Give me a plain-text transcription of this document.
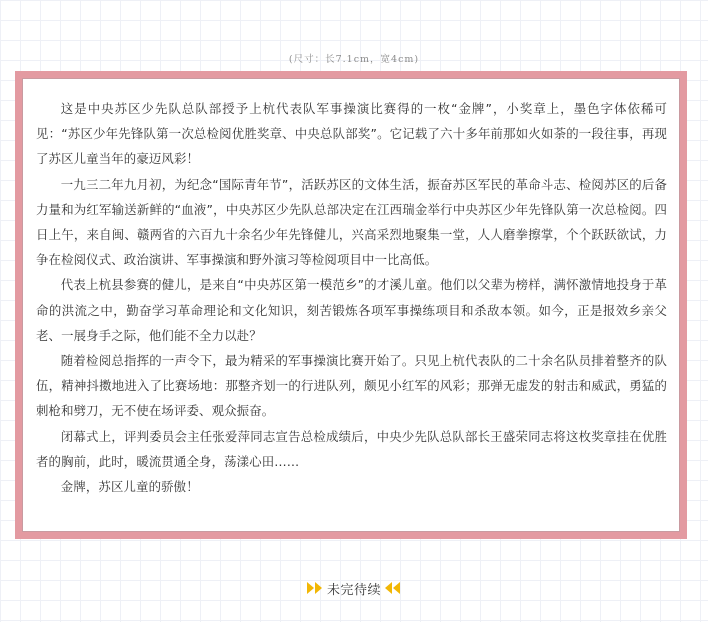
(尺寸：长7.1cm，宽4cm)

这是中央苏区少先队总队部授予上杭代表队军事操演比赛得的一枚“金牌”，小奖章上，墨色字体依稀可见：“苏区少年先锋队第一次总检阅优胜奖章、中央总队部奖”。它记载了六十多年前那如火如荼的一段往事，再现了苏区儿童当年的豪迈风彩！

一九三二年九月初，为纪念“国际青年节”，活跃苏区的文体生活，振奋苏区军民的革命斗志、检阅苏区的后备力量和为红军输送新鲜的“血液”，中央苏区少先队总部决定在江西瑞金举行中央苏区少年先锋队第一次总检阅。四日上午，来自闽、赣两省的六百九十余名少年先锋健儿，兴高采烈地聚集一堂，人人磨拳擦掌，个个跃跃欲试，力争在检阅仪式、政治演讲、军事操演和野外演习等检阅项目中一比高低。

代表上杭县参赛的健儿，是来自“中央苏区第一模范乡”的才溪儿童。他们以父辈为榜样，满怀激情地投身于革命的洪流之中，勤奋学习革命理论和文化知识，刻苦锻炼各项军事操练项目和杀敌本领。如今，正是报效乡亲父老、一展身手之际，他们能不全力以赴？

随着检阅总指挥的一声令下，最为精采的军事操演比赛开始了。只见上杭代表队的二十余名队员排着整齐的队伍，精神抖擞地进入了比赛场地：那整齐划一的行进队列，颇见小红军的风彩；那弹无虚发的射击和威武，勇猛的刺枪和劈刀，无不使在场评委、观众振奋。

闭幕式上，评判委员会主任张爱萍同志宣告总检成绩后，中央少先队总队部长王盛荣同志将这枚奖章挂在优胜者的胸前，此时，暖流贯通全身，荡漾心田……

金牌，苏区儿童的骄傲！

未完待续
